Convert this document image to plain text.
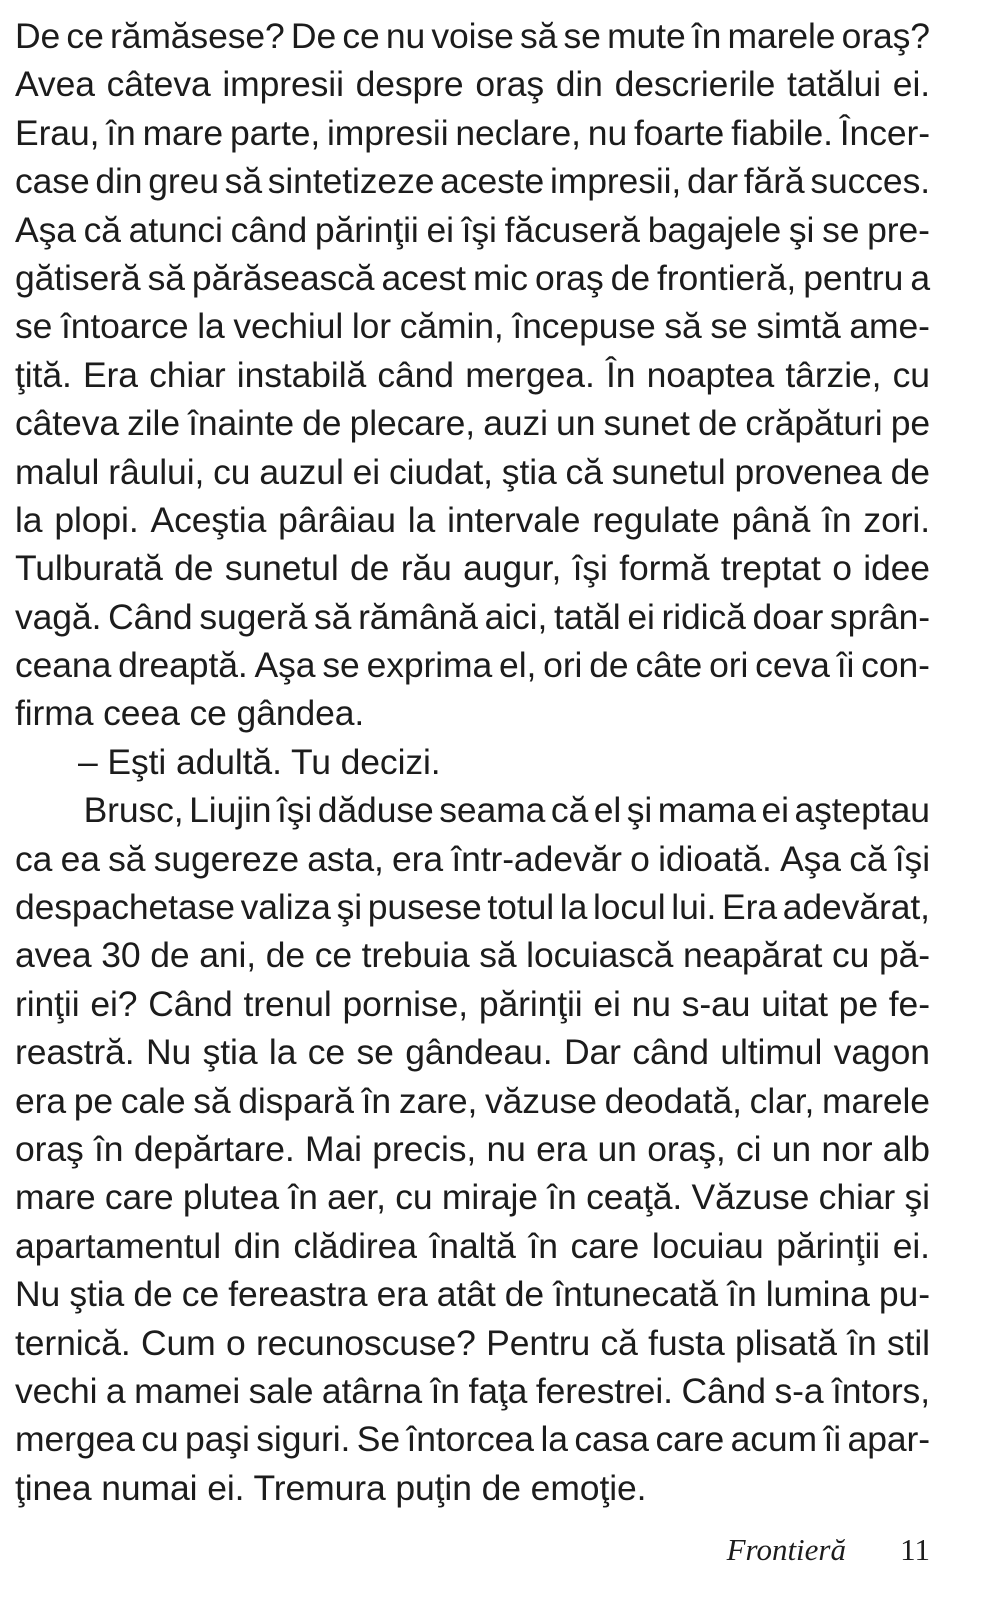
De ce rămăsese? De ce nu voise să se mute în marele oraş?
Avea câteva impresii despre oraş din descrierile tatălui ei.
Erau, în mare parte, impresii neclare, nu foarte fiabile. Încer-
case din greu să sintetizeze aceste impresii, dar fără succes.
Aşa că atunci când părinţii ei îşi făcuseră bagajele şi se pre-
gătiseră să părăsească acest mic oraş de frontieră, pentru a
se întoarce la vechiul lor cămin, începuse să se simtă ame-
ţită. Era chiar instabilă când mergea. În noaptea târzie, cu
câteva zile înainte de plecare, auzi un sunet de crăpături pe
malul râului, cu auzul ei ciudat, ştia că sunetul provenea de
la plopi. Aceştia pârâiau la intervale regulate până în zori.
Tulburată de sunetul de rău augur, îşi formă treptat o idee
vagă. Când sugeră să rămână aici, tatăl ei ridică doar sprân-
ceana dreaptă. Aşa se exprima el, ori de câte ori ceva îi con-
firma ceea ce gândea.
– Eşti adultă. Tu decizi.
Brusc, Liujin îşi dăduse seama că el şi mama ei aşteptau
ca ea să sugereze asta, era într-adevăr o idioată. Aşa că îşi
despachetase valiza şi pusese totul la locul lui. Era adevărat,
avea 30 de ani, de ce trebuia să locuiască neapărat cu pă-
rinţii ei? Când trenul pornise, părinţii ei nu s-au uitat pe fe-
reastră. Nu ştia la ce se gândeau. Dar când ultimul vagon
era pe cale să dispară în zare, văzuse deodată, clar, marele
oraş în depărtare. Mai precis, nu era un oraş, ci un nor alb
mare care plutea în aer, cu miraje în ceaţă. Văzuse chiar şi
apartamentul din clădirea înaltă în care locuiau părinţii ei.
Nu ştia de ce fereastra era atât de întunecată în lumina pu-
ternică. Cum o recunoscuse? Pentru că fusta plisată în stil
vechi a mamei sale atârna în faţa ferestrei. Când s-a întors,
mergea cu paşi siguri. Se întorcea la casa care acum îi apar-
ţinea numai ei. Tremura puţin de emoţie.
Frontieră	11
